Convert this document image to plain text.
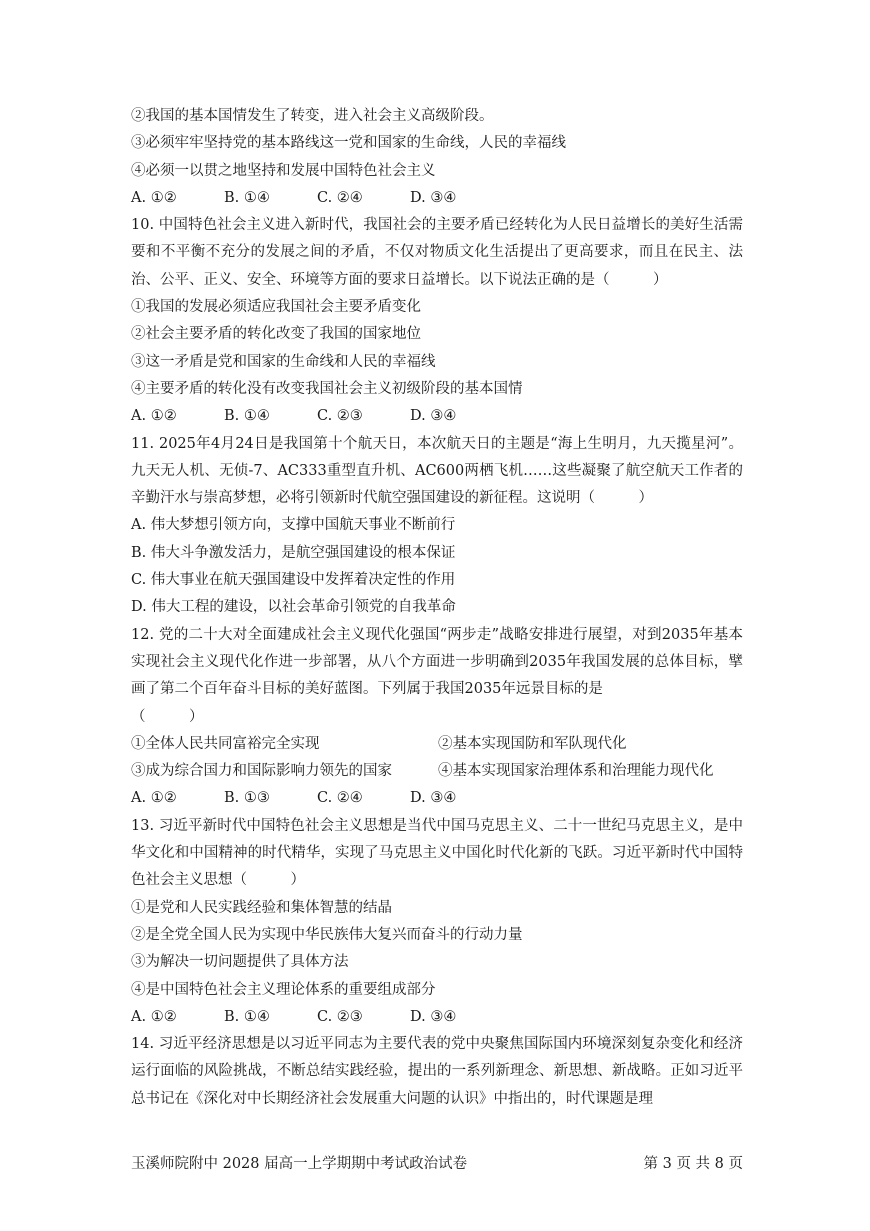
②我国的基本国情发生了转变，进入社会主义高级阶段。
③必须牢牢坚持党的基本路线这一党和国家的生命线，人民的幸福线
④必须一以贯之地坚持和发展中国特色社会主义
A. ①②	B. ①④	C. ②④	D. ③④
10. 中国特色社会主义进入新时代，我国社会的主要矛盾已经转化为人民日益增长的美好生活需要和不平衡不充分的发展之间的矛盾，不仅对物质文化生活提出了更高要求，而且在民主、法治、公平、正义、安全、环境等方面的要求日益增长。以下说法正确的是（　　　）
①我国的发展必须适应我国社会主要矛盾变化
②社会主要矛盾的转化改变了我国的国家地位
③这一矛盾是党和国家的生命线和人民的幸福线
④主要矛盾的转化没有改变我国社会主义初级阶段的基本国情
A. ①②	B. ①④	C. ②③	D. ③④
11. 2025年4月24日是我国第十个航天日，本次航天日的主题是“海上生明月，九天揽星河”。九天无人机、无侦-7、AC333重型直升机、AC600两栖飞机……这些凝聚了航空航天工作者的辛勤汗水与崇高梦想，必将引领新时代航空强国建设的新征程。这说明（　　　）
A. 伟大梦想引领方向，支撑中国航天事业不断前行
B. 伟大斗争激发活力，是航空强国建设的根本保证
C. 伟大事业在航天强国建设中发挥着决定性的作用
D. 伟大工程的建设，以社会革命引领党的自我革命
12. 党的二十大对全面建成社会主义现代化强国“两步走”战略安排进行展望，对到2035年基本实现社会主义现代化作进一步部署，从八个方面进一步明确到2035年我国发展的总体目标，擘画了第二个百年奋斗目标的美好蓝图。下列属于我国2035年远景目标的是
（　　　）
①全体人民共同富裕完全实现	②基本实现国防和军队现代化
③成为综合国力和国际影响力领先的国家	④基本实现国家治理体系和治理能力现代化
A. ①②	B. ①③	C. ②④	D. ③④
13. 习近平新时代中国特色社会主义思想是当代中国马克思主义、二十一世纪马克思主义，是中华文化和中国精神的时代精华，实现了马克思主义中国化时代化新的飞跃。习近平新时代中国特色社会主义思想（　　　）
①是党和人民实践经验和集体智慧的结晶
②是全党全国人民为实现中华民族伟大复兴而奋斗的行动力量
③为解决一切问题提供了具体方法
④是中国特色社会主义理论体系的重要组成部分
A. ①②	B. ①④	C. ②③	D. ③④
14. 习近平经济思想是以习近平同志为主要代表的党中央聚焦国际国内环境深刻复杂变化和经济运行面临的风险挑战，不断总结实践经验，提出的一系列新理念、新思想、新战略。正如习近平总书记在《深化对中长期经济社会发展重大问题的认识》中指出的，时代课题是理
玉溪师院附中 2028 届高一上学期期中考试政治试卷	第 3 页 共 8 页
